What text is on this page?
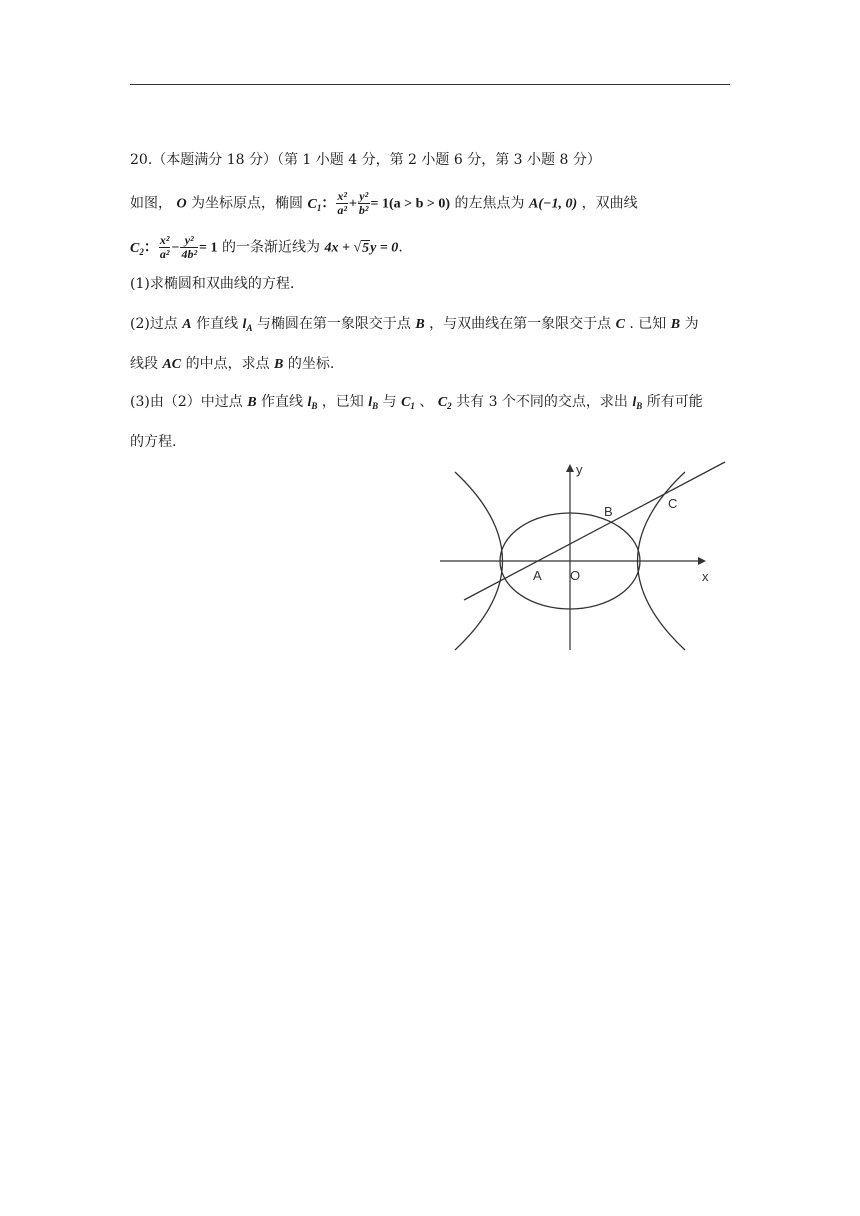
20.（本题满分 18 分）（第 1 小题 4 分，第 2 小题 6 分，第 3 小题 8 分）
如图， O 为坐标原点，椭圆 $C_1$： $\frac{\text{x²}}{\text{a²}} + \frac{\text{y²}}{\text{b²}} = 1(a > b > 0)$ 的左焦点为 A(−1, 0) ，双曲线
$C_2$： $\frac{\text{x²}}{\text{a²}} - \frac{\text{y²}}{\text{4b²}} = 1$ 的一条渐近线为 4x + √5y = 0.
(1)求椭圆和双曲线的方程.
(2)过点 A 作直线 $l_A$ 与椭圆在第一象限交于点 B ，与双曲线在第一象限交于点 C . 已知 B 为
线段 AC 的中点，求点 B 的坐标.
(3)由（2）中过点 B 作直线 $l_B$ ，已知 $l_B$ 与 $C_1$ 、 $C_2$ 共有 3 个不同的交点，求出 $l_B$ 所有可能
的方程.
y
x
A O
B
C
